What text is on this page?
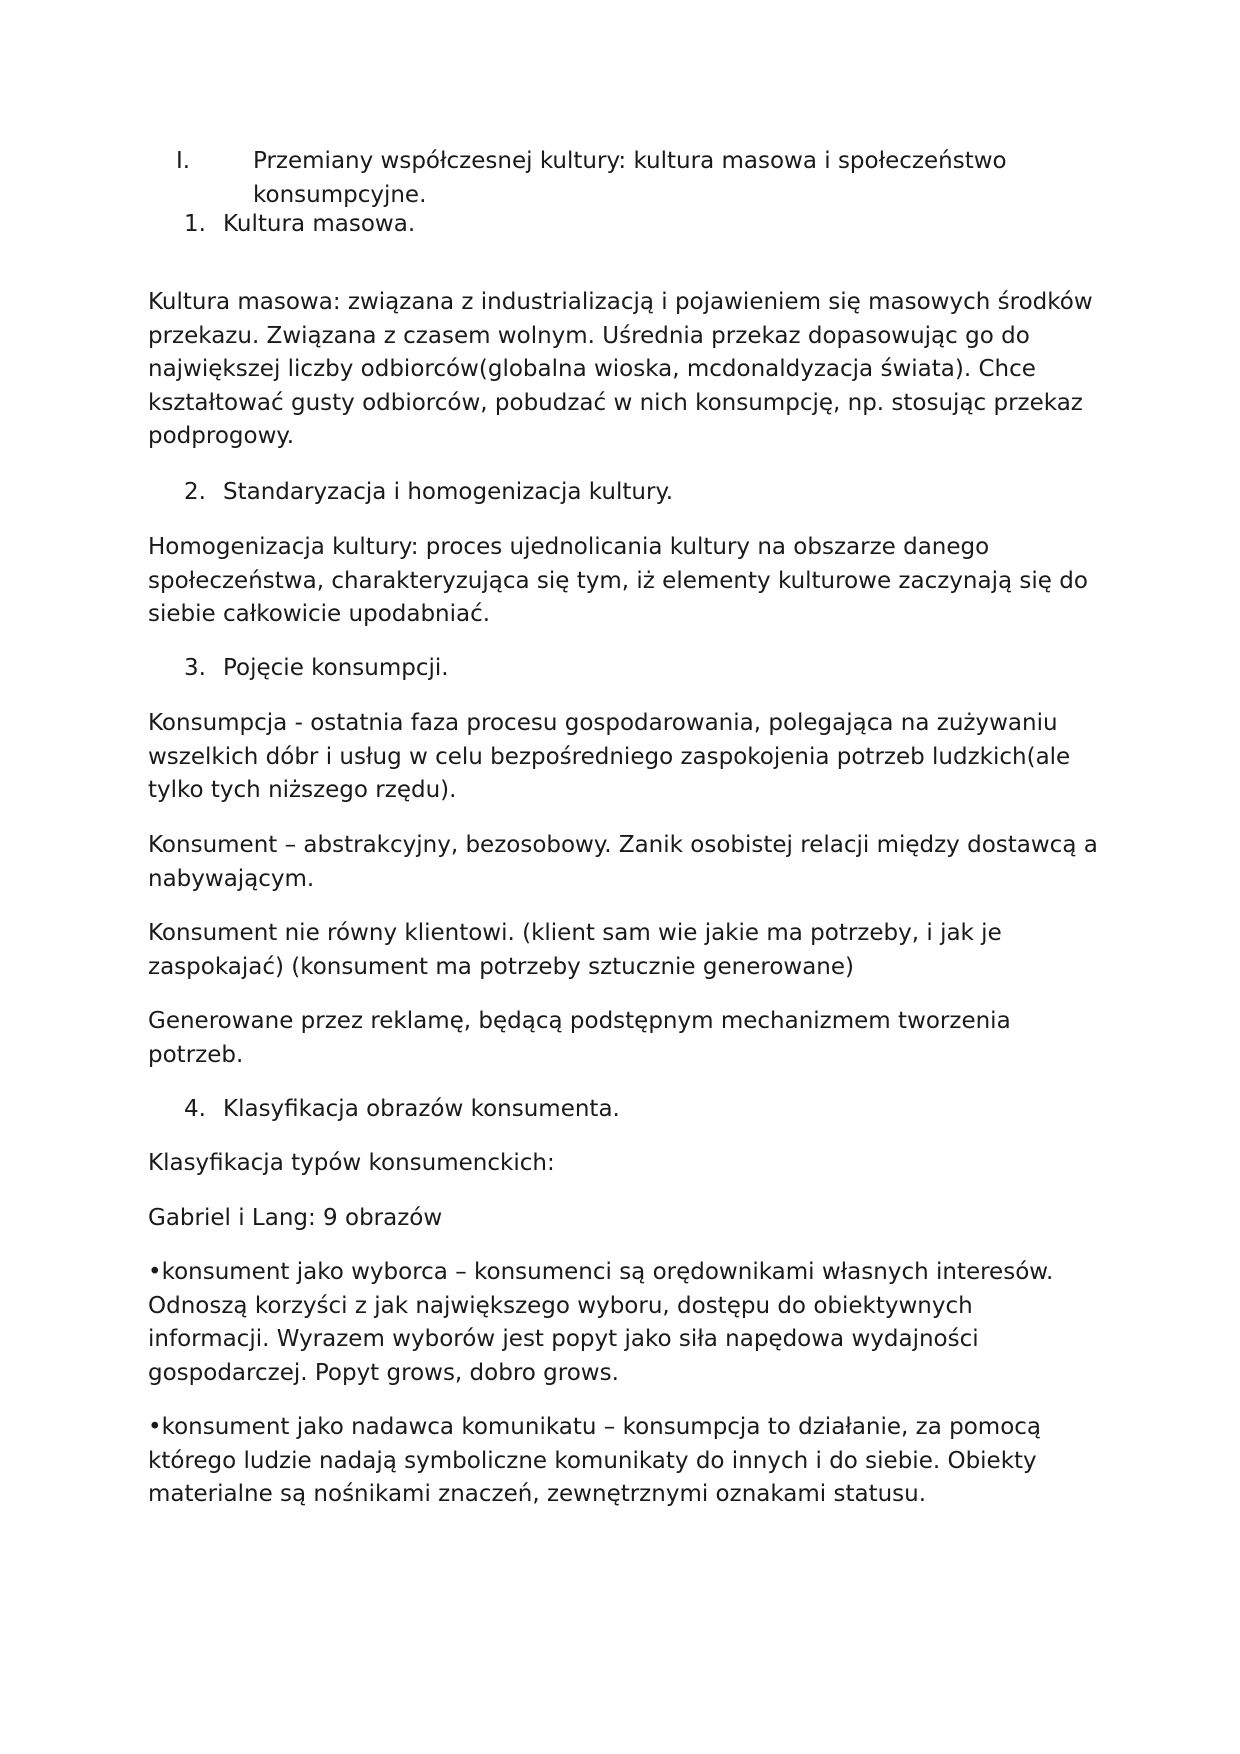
I.	Przemiany współczesnej kultury: kultura masowa i społeczeństwo konsumpcyjne.
1. Kultura masowa.
Kultura masowa: związana z industrializacją i pojawieniem się masowych środków przekazu. Związana z czasem wolnym. Uśrednia przekaz dopasowując go do największej liczby odbiorców(globalna wioska, mcdonaldyzacja świata). Chce kształtować gusty odbiorców, pobudzać w nich konsumpcję, np. stosując przekaz podprogowy.
2. Standaryzacja i homogenizacja kultury.
Homogenizacja kultury: proces ujednolicania kultury na obszarze danego społeczeństwa, charakteryzująca się tym, iż elementy kulturowe zaczynają się do siebie całkowicie upodabniać.
3. Pojęcie konsumpcji.
Konsumpcja - ostatnia faza procesu gospodarowania, polegająca na zużywaniu wszelkich dóbr i usług w celu bezpośredniego zaspokojenia potrzeb ludzkich(ale tylko tych niższego rzędu).
Konsument – abstrakcyjny, bezosobowy. Zanik osobistej relacji między dostawcą a nabywającym.
Konsument nie równy klientowi. (klient sam wie jakie ma potrzeby, i jak je zaspokajać) (konsument ma potrzeby sztucznie generowane)
Generowane przez reklamę, będącą podstępnym mechanizmem tworzenia potrzeb.
4. Klasyfikacja obrazów konsumenta.
Klasyfikacja typów konsumenckich:
Gabriel i Lang: 9 obrazów
•konsument jako wyborca – konsumenci są orędownikami własnych interesów. Odnoszą korzyści z jak największego wyboru, dostępu do obiektywnych informacji. Wyrazem wyborów jest popyt jako siła napędowa wydajności gospodarczej. Popyt grows, dobro grows.
•konsument jako nadawca komunikatu – konsumpcja to działanie, za pomocą którego ludzie nadają symboliczne komunikaty do innych i do siebie. Obiekty materialne są nośnikami znaczeń, zewnętrznymi oznakami statusu.
